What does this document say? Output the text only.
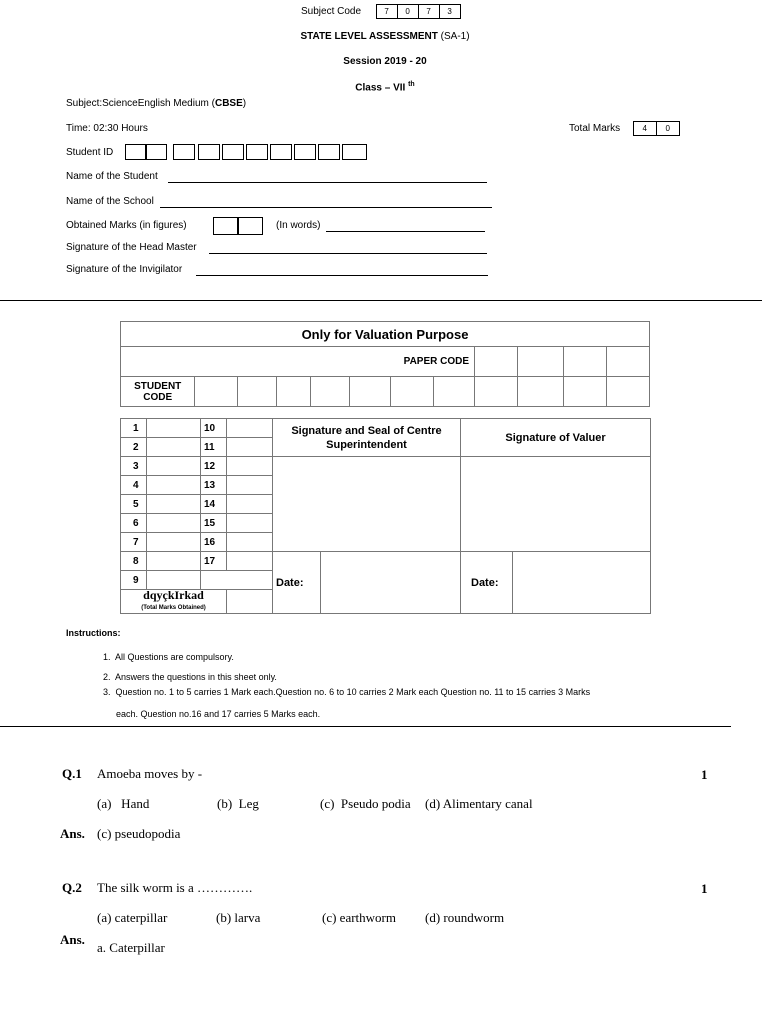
Subject Code	7 0 7 3
STATE LEVEL ASSESSMENT (SA-1)
Session 2019 - 20
Class – VII $^{th}$
Subject:ScienceEnglish Medium (CBSE)
Time: 02:30 Hours	Total Marks	4 0
Student ID
Name of the Student
Name of the School
Obtained Marks (in figures)	(In words)
Signature of the Head Master
Signature of the Invigilator
Only for Valuation Purpose											
PAPER CODE											
STUDENT CODE											
1		10		Signature and Seal of Centre Superintendent		Signature of Valuer	
2		11					
3		12					
4		13					
5		14					
6		15					
7		16					
8		17		Date:		Date:	
9							
dqyçkIrkad
(Total Marks Obtained)							
Instructions:
1.  All Questions are compulsory.
2.  Answers the questions in this sheet only.
3.  Question no. 1 to 5 carries 1 Mark each.Question no. 6 to 10 carries 2 Mark each Question no. 11 to 15 carries 3 Marks
each. Question no.16 and 17 carries 5 Marks each.
Q.1 Amoeba moves by -	1
(a)   Hand	(b)  Leg	(c)  Pseudo podia (d) Alimentary canal
Ans. (c) pseudopodia
Q.2 The silk worm is a ………….	1
(a) caterpillar	(b) larva	(c) earthworm (d) roundworm
Ans.
a. Caterpillar
